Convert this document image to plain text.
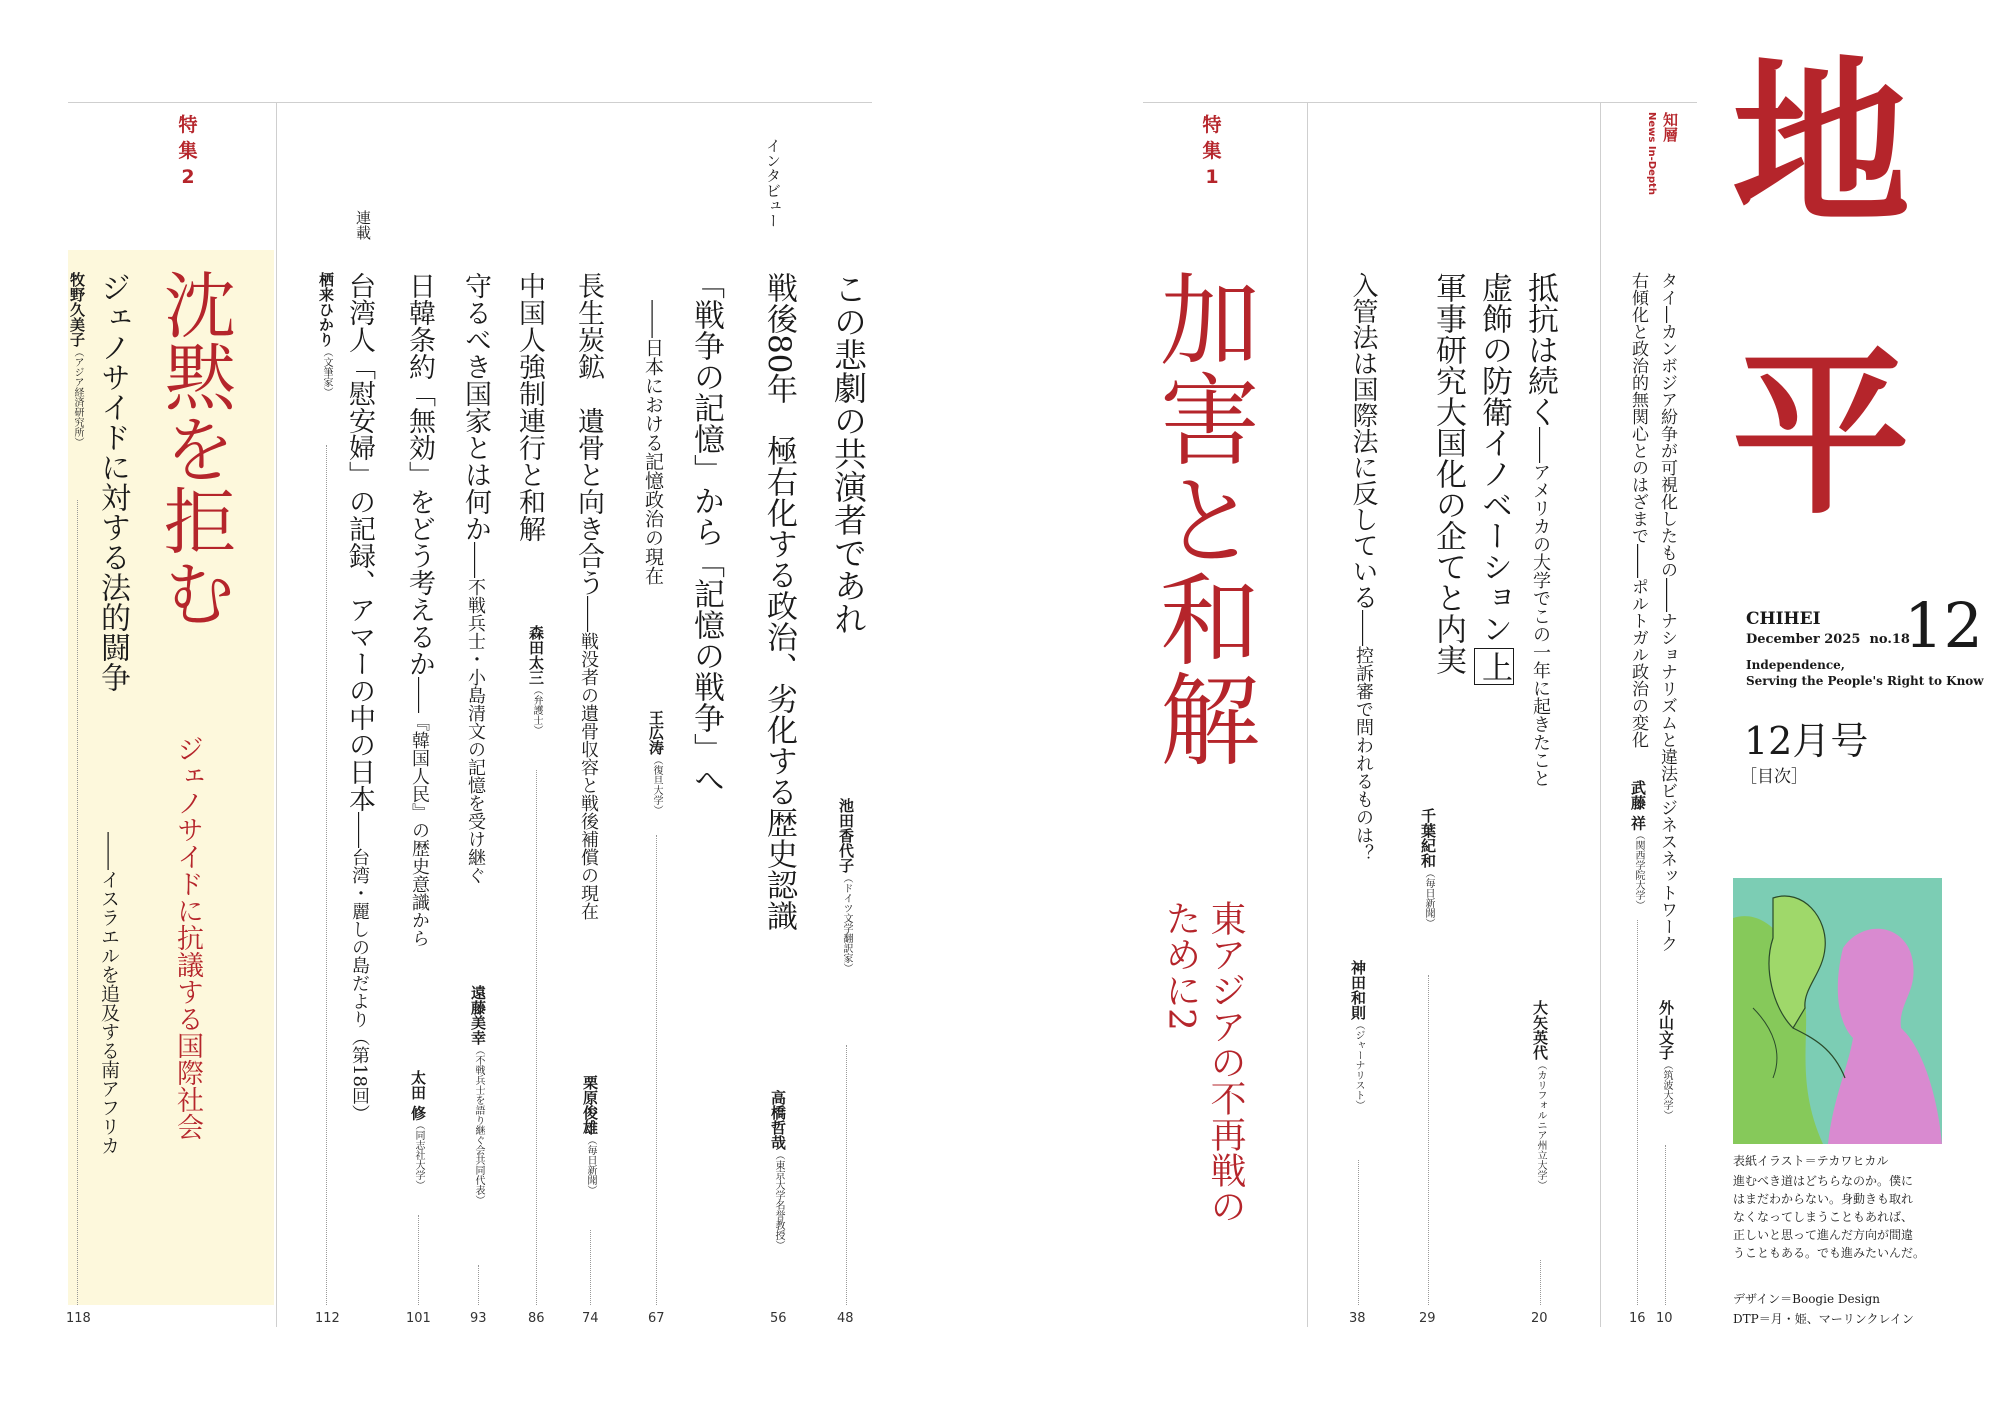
地
平
CHIHEI
December 2025  no.18
12
Independence,
Serving the People's Right to Know
12月号
［目次］
表紙イラスト＝テカワヒカル
進むべき道はどちらなのか。僕に
はまだわからない。身動きも取れ
なくなってしまうこともあれば、
正しいと思って進んだ方向が間違
うこともある。でも進みたいんだ。
デザイン＝Boogie Design
DTP＝月・姫、マーリンクレイン
知層
News In-Depth
タイ―カンボジア紛争が可視化したもの――ナショナリズムと違法ビジネスネットワーク
外山文子（筑波大学）
10
右傾化と政治的無関心とのはざまで――ポルトガル政治の変化
武藤 祥（関西学院大学）
16
特
集
1
加害と和解
東アジアの不再戦のために2
抵抗は続く――アメリカの大学でこの一年に起きたこと
大矢英代（カリフォルニア州立大学）
20
虚飾の防衛イノベーション上
軍事研究大国化の企てと内実
千葉紀和（毎日新聞）
29
入管法は国際法に反している――控訴審で問われるものは？
神田和則（ジャーナリスト）
38
この悲劇の共演者であれ
池田香代子（ドイツ文学翻訳家）
48
戦後80年　極右化する政治、劣化する歴史認識
高橋哲哉（東京大学名誉教授）
56
インタビュー
「戦争の記憶」から「記憶の戦争」へ
――日本における記憶政治の現在
王広涛（復旦大学）
67
長生炭鉱　遺骨と向き合う――戦没者の遺骨収容と戦後補償の現在
栗原俊雄（毎日新聞）
74
中国人強制連行と和解
森田太三（弁護士）
86
守るべき国家とは何か――不戦兵士・小島清文の記憶を受け継ぐ
遠藤美幸（不戦兵士を語り継ぐ会共同代表）
93
日韓条約「無効」をどう考えるか――『韓国人民』の歴史意識から
太田 修（同志社大学）
101
連載
台湾人「慰安婦」の記録、アマーの中の日本――台湾・麗しの島だより（第18回）
栖来ひかり（文筆家）
112
特
集
2
沈黙を拒む
ジェノサイドに抗議する国際社会
ジェノサイドに対する法的闘争
――イスラエルを追及する南アフリカ
牧野久美子（アジア経済研究所）
118
